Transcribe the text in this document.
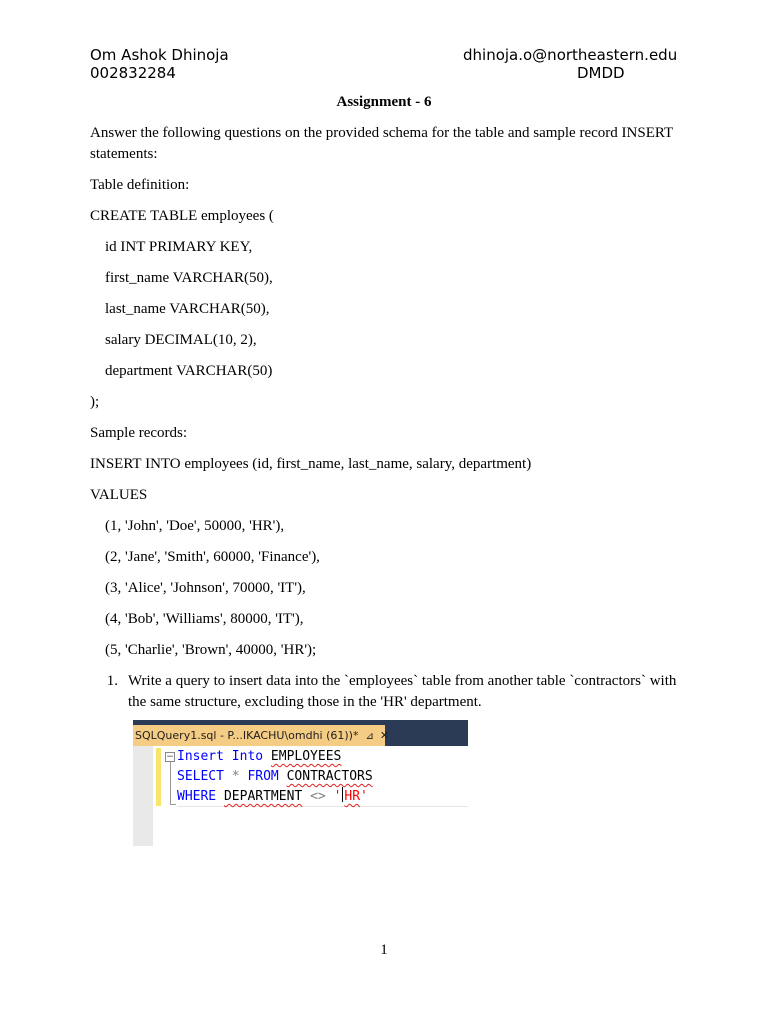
Om Ashok Dhinoja
002832284
dhinoja.o@northeastern.edu
DMDD
Assignment - 6

Answer the following questions on the provided schema for the table and sample record INSERT statements:

Table definition:

CREATE TABLE employees (

id INT PRIMARY KEY,

first_name VARCHAR(50),

last_name VARCHAR(50),

salary DECIMAL(10, 2),

department VARCHAR(50)

);

Sample records:

INSERT INTO employees (id, first_name, last_name, salary, department)

VALUES

(1, 'John', 'Doe', 50000, 'HR'),

(2, 'Jane', 'Smith', 60000, 'Finance'),

(3, 'Alice', 'Johnson', 70000, 'IT'),

(4, 'Bob', 'Williams', 80000, 'IT'),

(5, 'Charlie', 'Brown', 40000, 'HR');

1. Write a query to insert data into the `employees` table from another table `contractors` with the same structure, excluding those in the 'HR' department.
SQLQuery1.sql - P...IKACHU\omdhi (61))* ⊿ ✕
− Insert Into EMPLOYEES
SELECT * FROM CONTRACTORS
WHERE DEPARTMENT <> ' HR'
1
